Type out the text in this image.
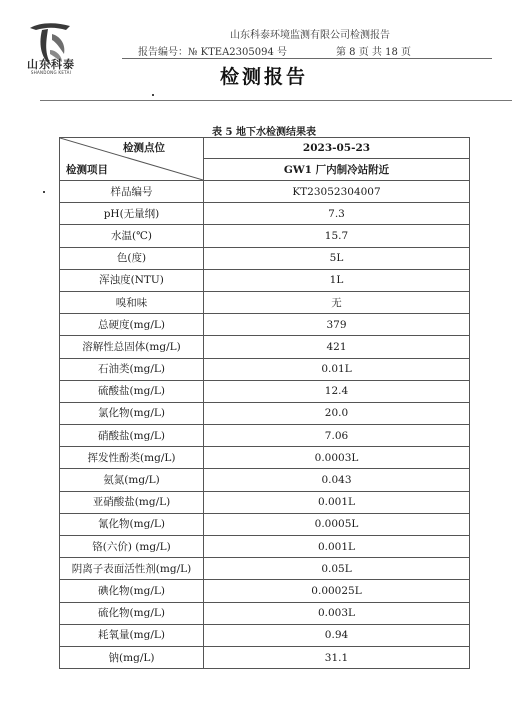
山东科泰
SHANDONG KETAI
山东科泰环境监测有限公司检测报告
报告编号：№ KTEA2305094 号	第 8 页 共 18 页
检测报告
表 5 地下水检测结果表
检测点位
检测项目	2023-05-23
	GW1 厂内制冷站附近
样品编号	KT23052304007
pH(无量纲)	7.3
水温(℃)	15.7
色(度)	5L
浑浊度(NTU)	1L
嗅和味	无
总硬度(mg/L)	379
溶解性总固体(mg/L)	421
石油类(mg/L)	0.01L
硫酸盐(mg/L)	12.4
氯化物(mg/L)	20.0
硝酸盐(mg/L)	7.06
挥发性酚类(mg/L)	0.0003L
氨氮(mg/L)	0.043
亚硝酸盐(mg/L)	0.001L
氰化物(mg/L)	0.0005L
铬(六价) (mg/L)	0.001L
阴离子表面活性剂(mg/L)	0.05L
碘化物(mg/L)	0.00025L
硫化物(mg/L)	0.003L
耗氧量(mg/L)	0.94
钠(mg/L)	31.1
